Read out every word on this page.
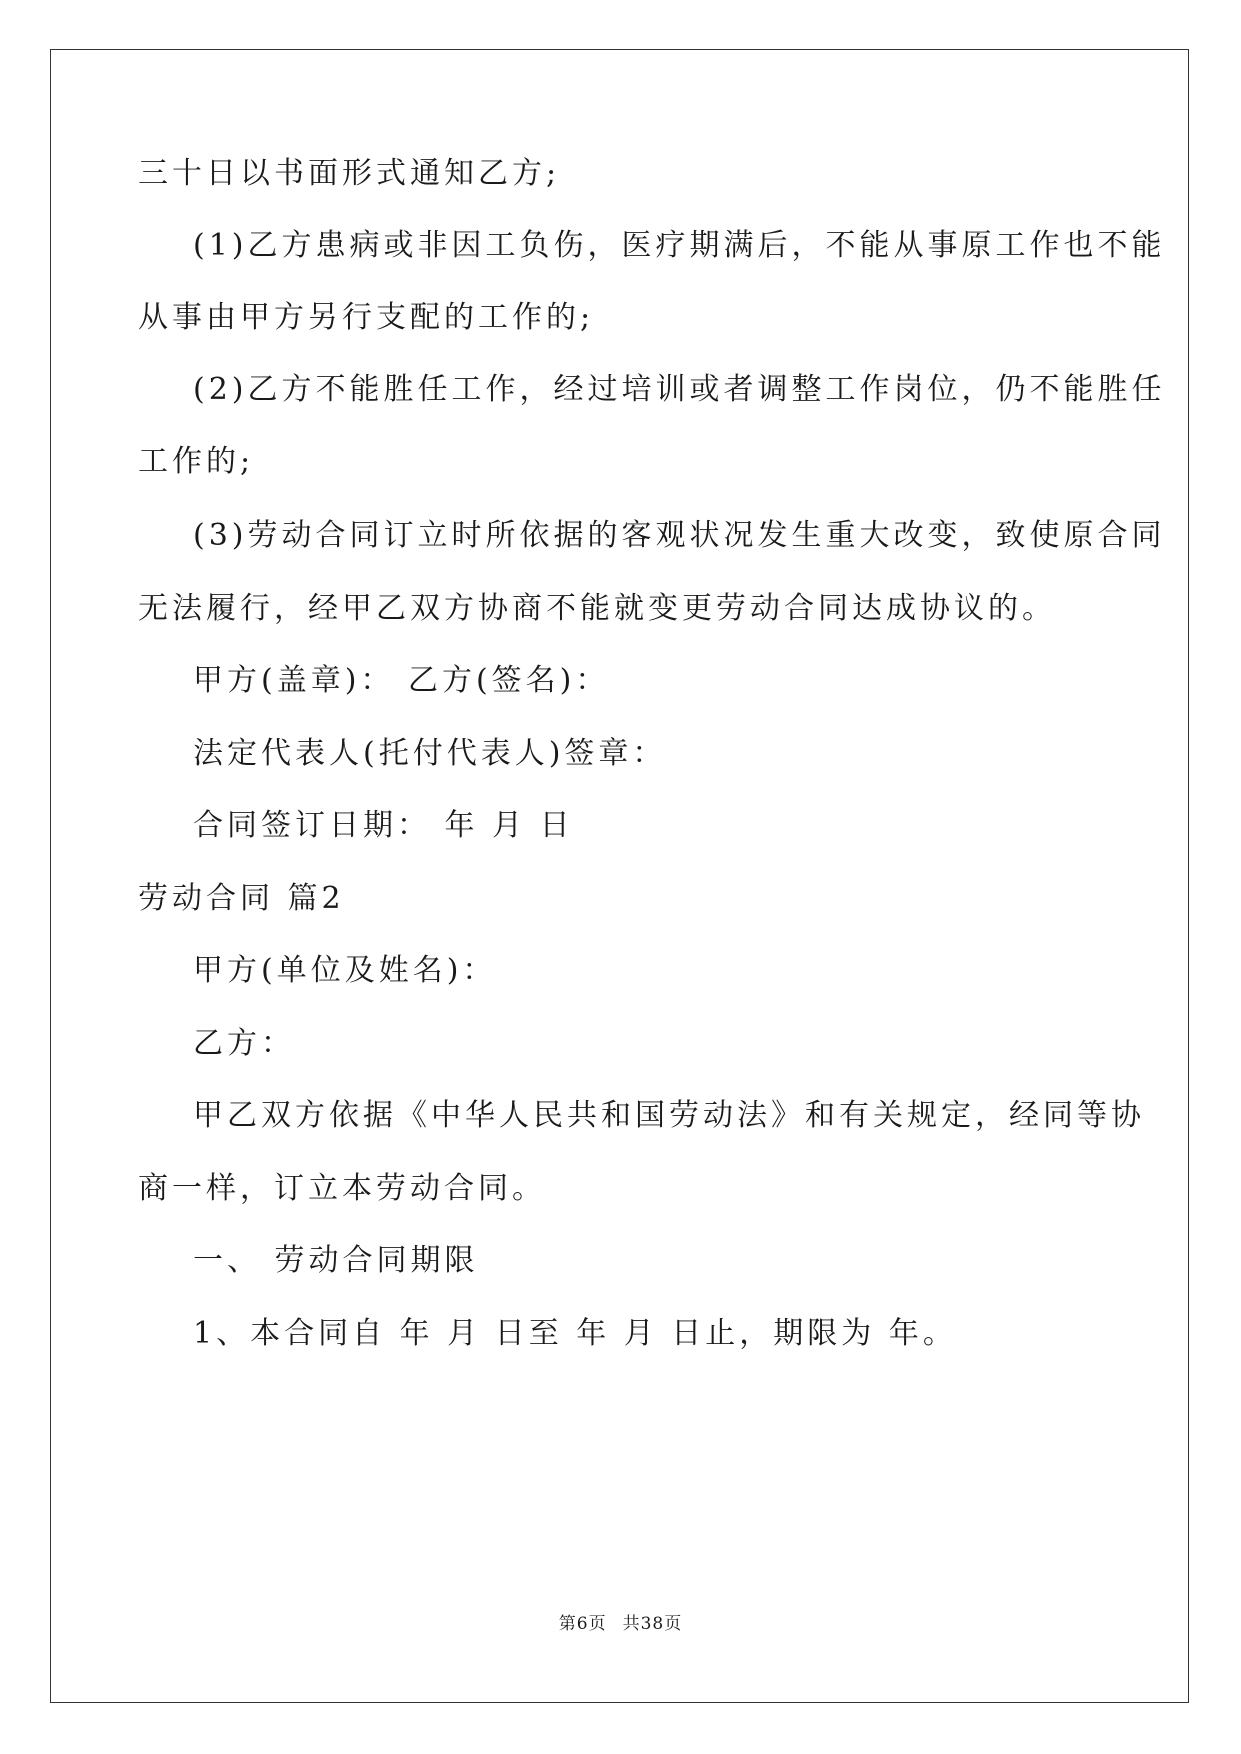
三十日以书面形式通知乙方;
(1)乙方患病或非因工负伤，医疗期满后，不能从事原工作也不能
从事由甲方另行支配的工作的;
(2)乙方不能胜任工作，经过培训或者调整工作岗位，仍不能胜任
工作的;
(3)劳动合同订立时所依据的客观状况发生重大改变，致使原合同
无法履行，经甲乙双方协商不能就变更劳动合同达成协议的。
甲方(盖章)： 乙方(签名)：
法定代表人(托付代表人)签章：
合同签订日期： 年 月 日
劳动合同 篇2
甲方(单位及姓名)：
乙方：
甲乙双方依据《中华人民共和国劳动法》和有关规定，经同等协
商一样，订立本劳动合同。
一、 劳动合同期限
1、本合同自 年 月 日至 年 月 日止，期限为 年。
第6页 共38页
